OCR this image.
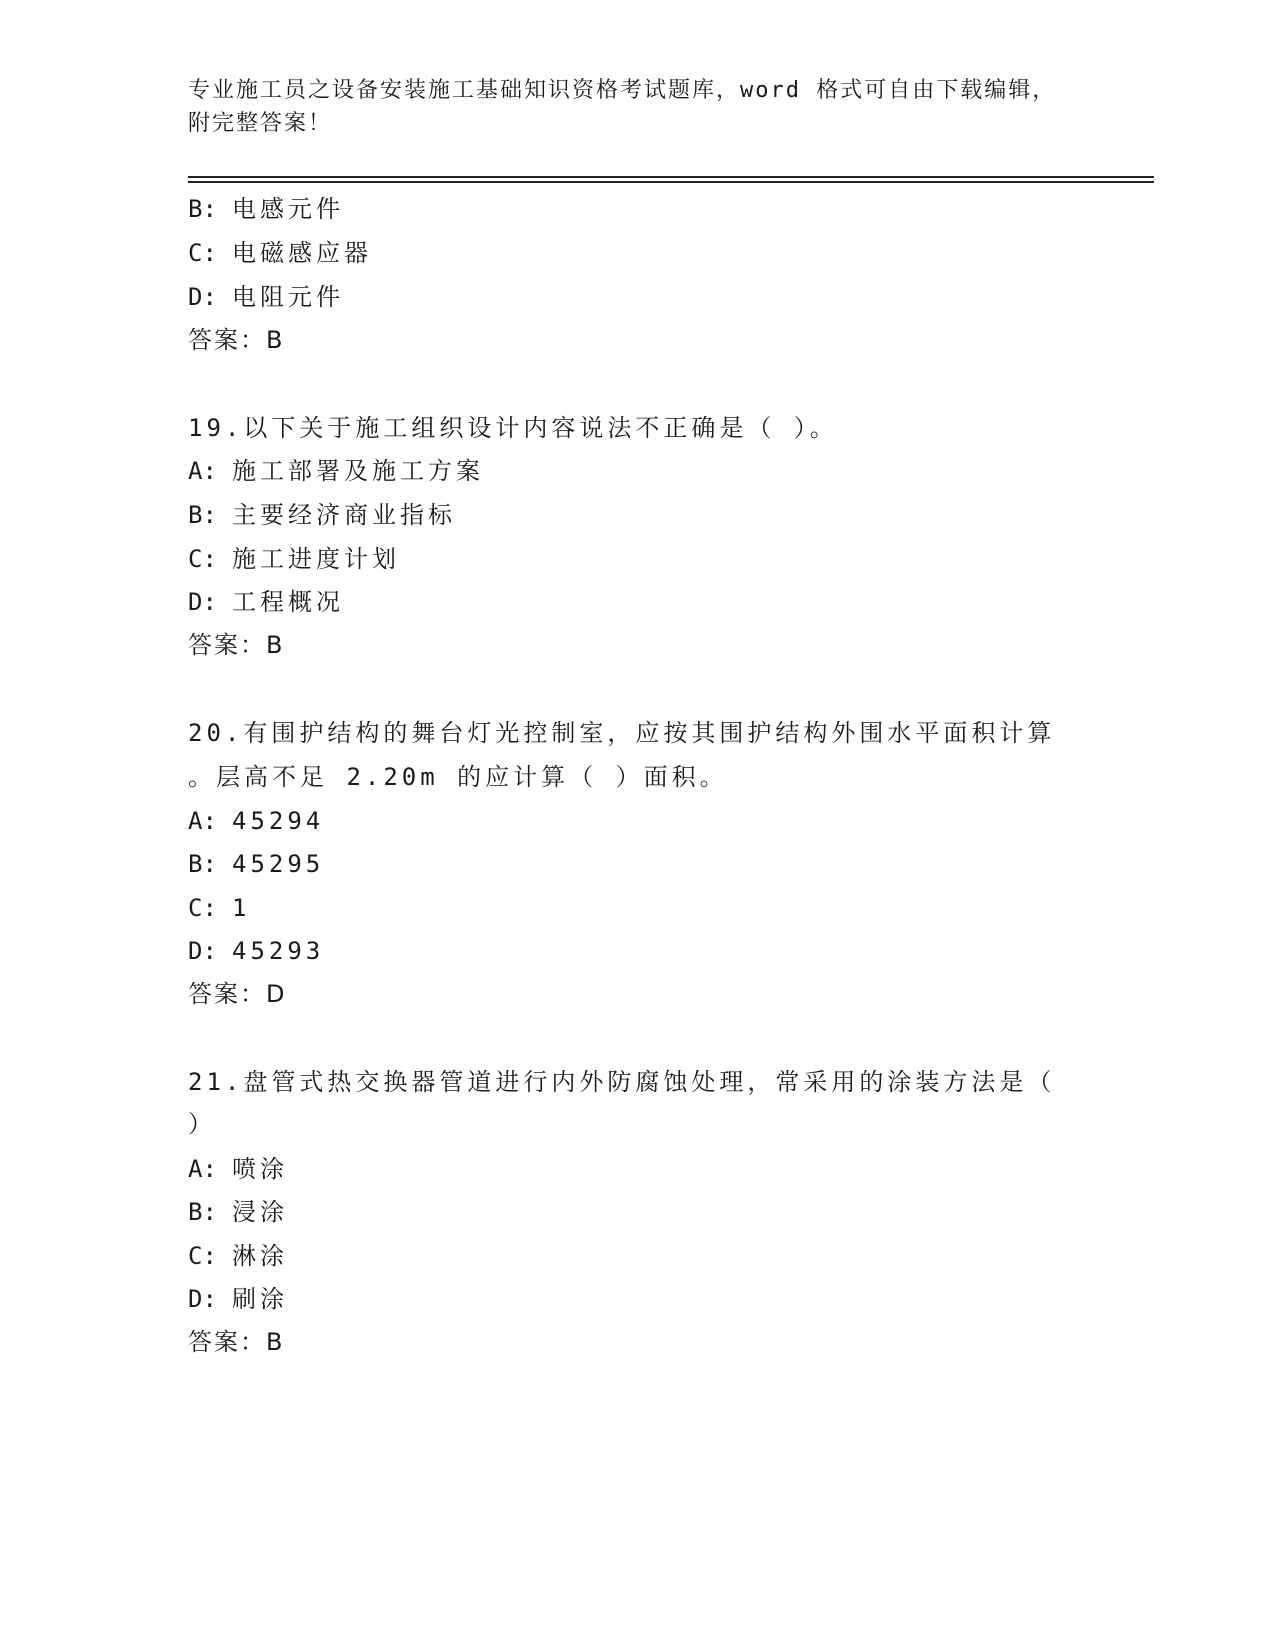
专业施工员之设备安装施工基础知识资格考试题库，word 格式可自由下载编辑，
附完整答案！
B: 电感元件
C: 电磁感应器
D: 电阻元件
答案：B
19.以下关于施工组织设计内容说法不正确是（ ）。
A: 施工部署及施工方案
B: 主要经济商业指标
C: 施工进度计划
D: 工程概况
答案：B
20.有围护结构的舞台灯光控制室，应按其围护结构外围水平面积计算
。层高不足 2.20m 的应计算（ ）面积。
A: 45294
B: 45295
C: 1
D: 45293
答案：D
21.盘管式热交换器管道进行内外防腐蚀处理，常采用的涂装方法是（
）
A: 喷涂
B: 浸涂
C: 淋涂
D: 刷涂
答案：B
